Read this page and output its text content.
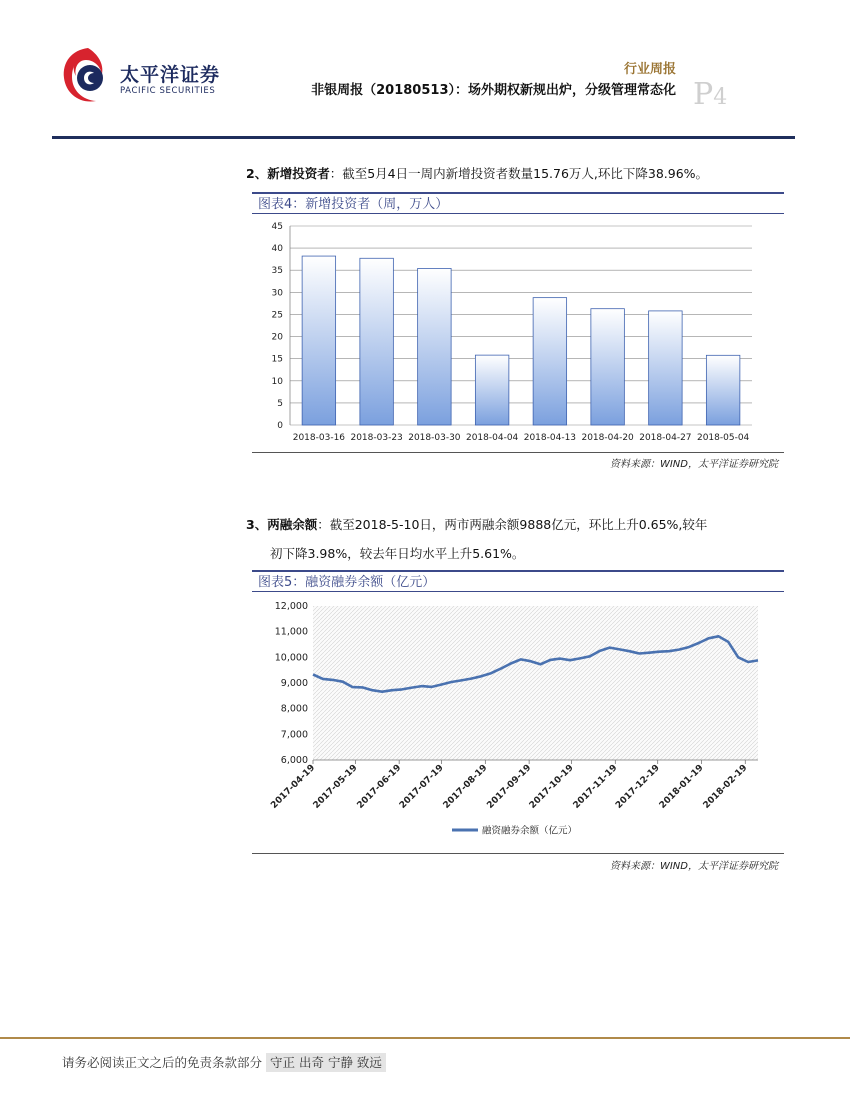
太平洋证券
PACIFIC SECURITIES
行业周报
非银周报（20180513）：场外期权新规出炉，分级管理常态化 P4
2、新增投资者：截至5月4日一周内新增投资者数量15.76万人,环比下降38.96%。
图表4：新增投资者（周，万人）
0
5
10
15
20
25
30
35
40
45
2018-03-16 2018-03-23 2018-03-30 2018-04-04 2018-04-13 2018-04-20 2018-04-27 2018-05-04
资料来源：WIND，太平洋证券研究院
3、两融余额：截至2018-5-10日，两市两融余额9888亿元，环比上升0.65%,较年
初下降3.98%，较去年日均水平上升5.61%。
图表5：融资融券余额（亿元）
6,000
7,000
8,000
9,000
10,000
11,000
12,000
2017-04-19
2017-05-19
2017-06-19
2017-07-19
2017-08-19
2017-09-19
2017-10-19
2017-11-19
2017-12-19
2018-01-19
2018-02-19
融资融券余额（亿元）
资料来源：WIND，太平洋证券研究院
请务必阅读正文之后的免责条款部分 守正 出奇 宁静 致远
